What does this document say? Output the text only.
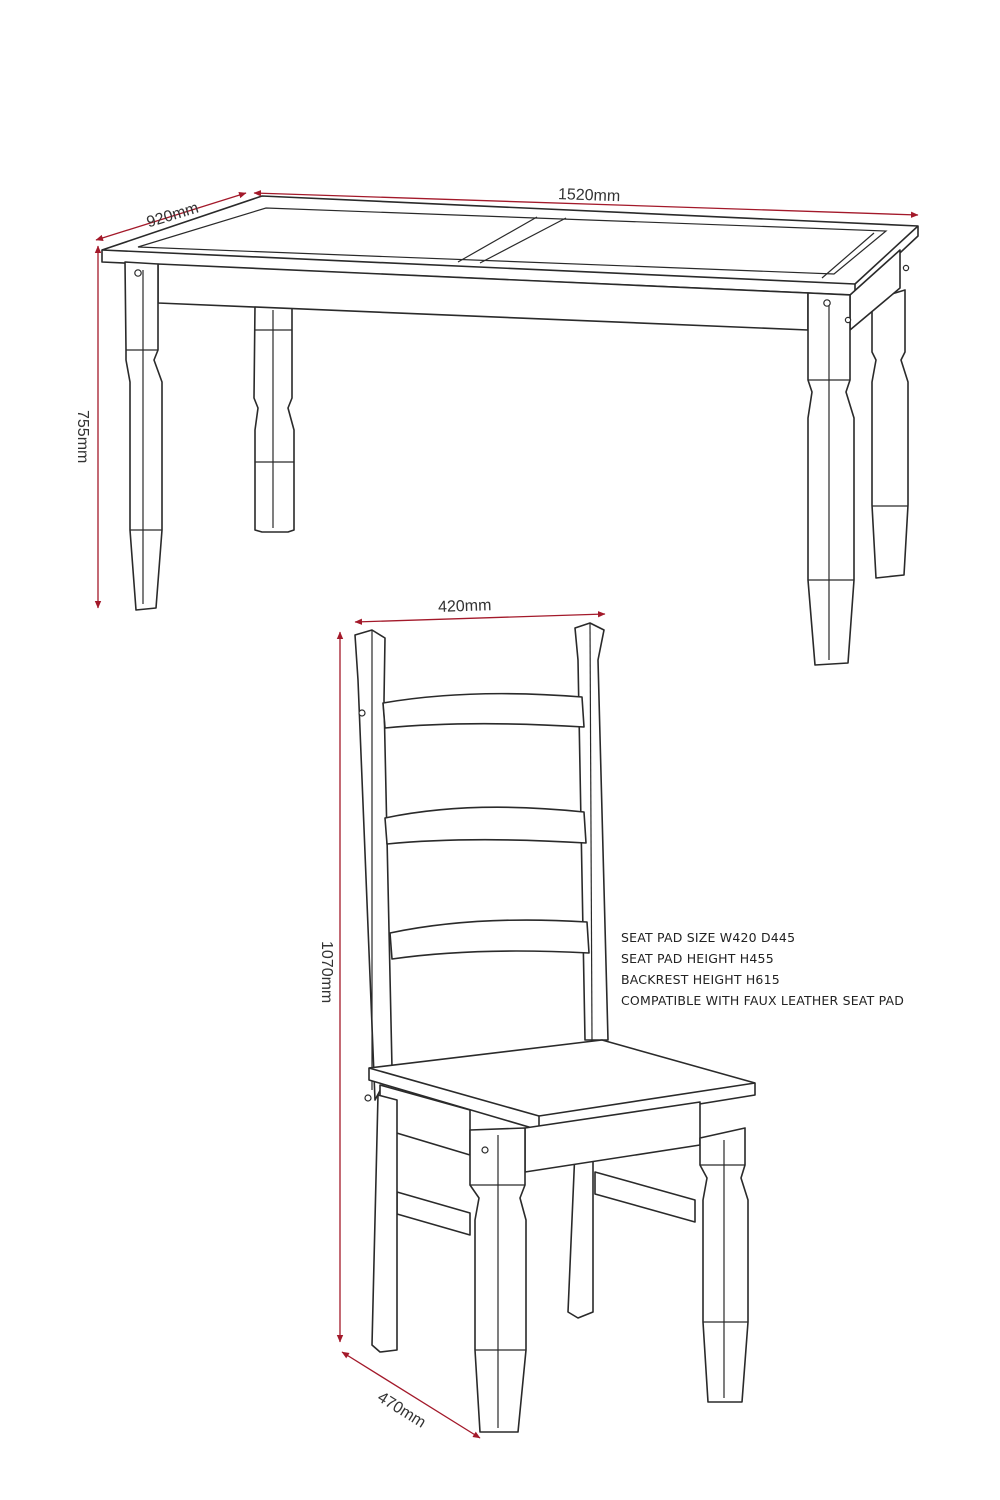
920mm
1520mm
755mm
420mm
1070mm
470mm
SEAT PAD SIZE W420 D445
SEAT PAD HEIGHT H455
BACKREST HEIGHT H615
COMPATIBLE WITH FAUX LEATHER SEAT PAD
